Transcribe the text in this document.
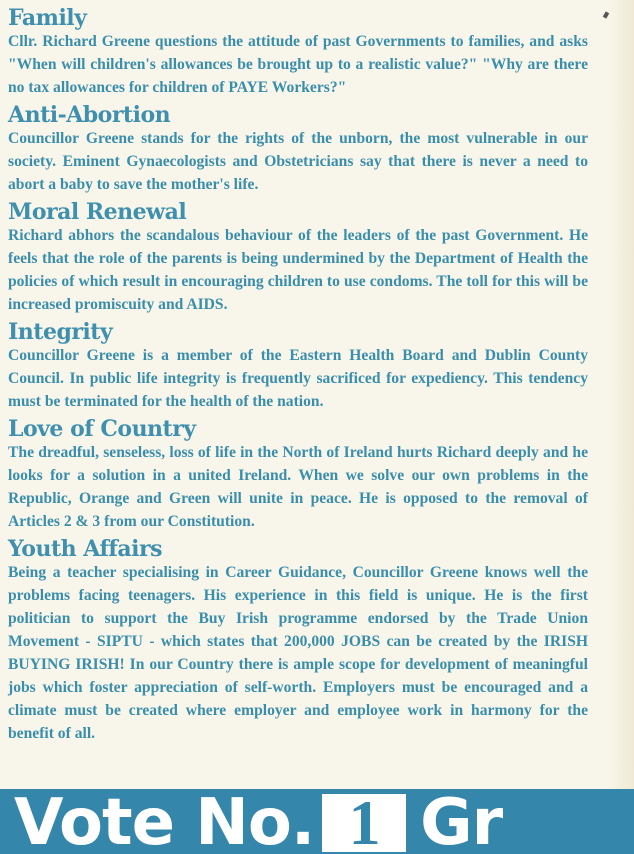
Family

Cllr. Richard Greene questions the attitude of past Governments to families, and asks "When will children's allowances be brought up to a realistic value?" "Why are there no tax allowances for children of PAYE Workers?"

Anti-Abortion

Councillor Greene stands for the rights of the unborn, the most vulnerable in our society. Eminent Gynaecologists and Obstetricians say that there is never a need to abort a baby to save the mother's life.

Moral Renewal

Richard abhors the scandalous behaviour of the leaders of the past Government. He feels that the role of the parents is being undermined by the Department of Health the policies of which result in encouraging children to use condoms. The toll for this will be increased promiscuity and AIDS.

Integrity

Councillor Greene is a member of the Eastern Health Board and Dublin County Council. In public life integrity is frequently sacrificed for expediency. This tendency must be terminated for the health of the nation.

Love of Country

The dreadful, senseless, loss of life in the North of Ireland hurts Richard deeply and he looks for a solution in a united Ireland. When we solve our own problems in the Republic, Orange and Green will unite in peace. He is opposed to the removal of Articles 2 & 3 from our Constitution.

Youth Affairs

Being a teacher specialising in Career Guidance, Councillor Greene knows well the problems facing teenagers. His experience in this field is unique. He is the first politician to support the Buy Irish programme endorsed by the Trade Union Movement - SIPTU - which states that 200,000 JOBS can be created by the IRISH BUYING IRISH! In our Country there is ample scope for development of meaningful jobs which foster appreciation of self-worth. Employers must be encouraged and a climate must be created where employer and employee work in harmony for the benefit of all.

Vote No. 1 Gr
